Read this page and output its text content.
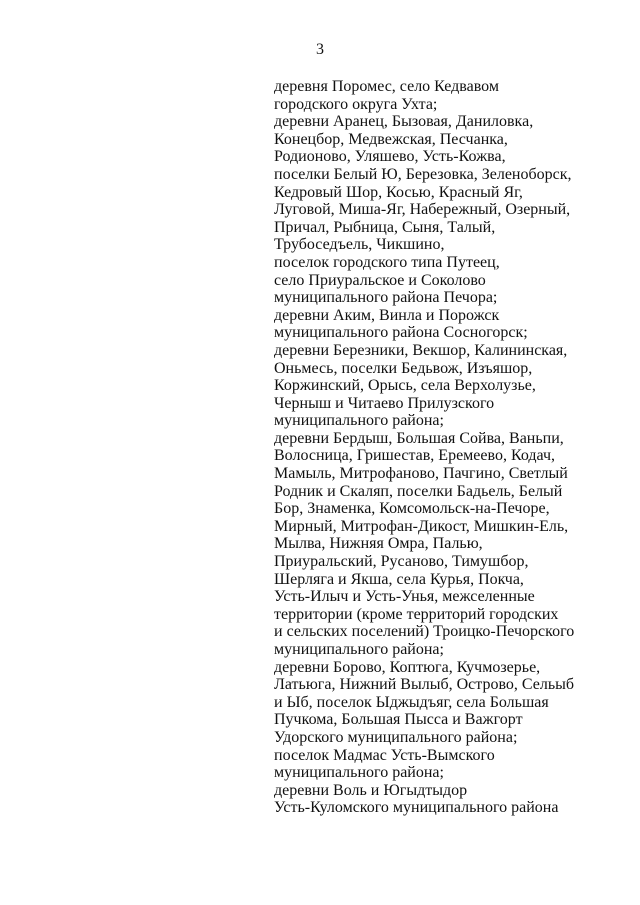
3
деревня Поромес, село Кедвавом
городского округа Ухта;
деревни Аранец, Бызовая, Даниловка,
Конецбор, Медвежская, Песчанка,
Родионово, Уляшево, Усть-Кожва,
поселки Белый Ю, Березовка, Зеленоборск,
Кедровый Шор, Косью, Красный Яг,
Луговой, Миша-Яг, Набережный, Озерный,
Причал, Рыбница, Сыня, Талый,
Трубоседъель, Чикшино,
поселок городского типа Путеец,
село Приуральское и Соколово
муниципального района Печора;
деревни Аким, Винла и Порожск
муниципального района Сосногорск;
деревни Березники, Векшор, Калининская,
Оньмесь, поселки Бедьвож, Изъяшор,
Коржинский, Орысь, села Верхолузье,
Черныш и Читаево Прилузского
муниципального района;
деревни Бердыш, Большая Сойва, Ваньпи,
Волосница, Гришестав, Еремеево, Кодач,
Мамыль, Митрофаново, Пачгино, Светлый
Родник и Скаляп, поселки Бадьель, Белый
Бор, Знаменка, Комсомольск-на-Печоре,
Мирный, Митрофан-Дикост, Мишкин-Ель,
Мылва, Нижняя Омра, Палью,
Приуральский, Русаново, Тимушбор,
Шерляга и Якша, села Курья, Покча,
Усть-Илыч и Усть-Унья, межселенные
территории (кроме территорий городских
и сельских поселений) Троицко-Печорского
муниципального района;
деревни Борово, Коптюга, Кучмозерье,
Латьюга, Нижний Вылыб, Острово, Сельыб
и Ыб, поселок Ыджыдъяг, села Большая
Пучкома, Большая Пысса и Важгорт
Удорского муниципального района;
поселок Мадмас Усть-Вымского
муниципального района;
деревни Воль и Югыдтыдор
Усть-Куломского муниципального района
